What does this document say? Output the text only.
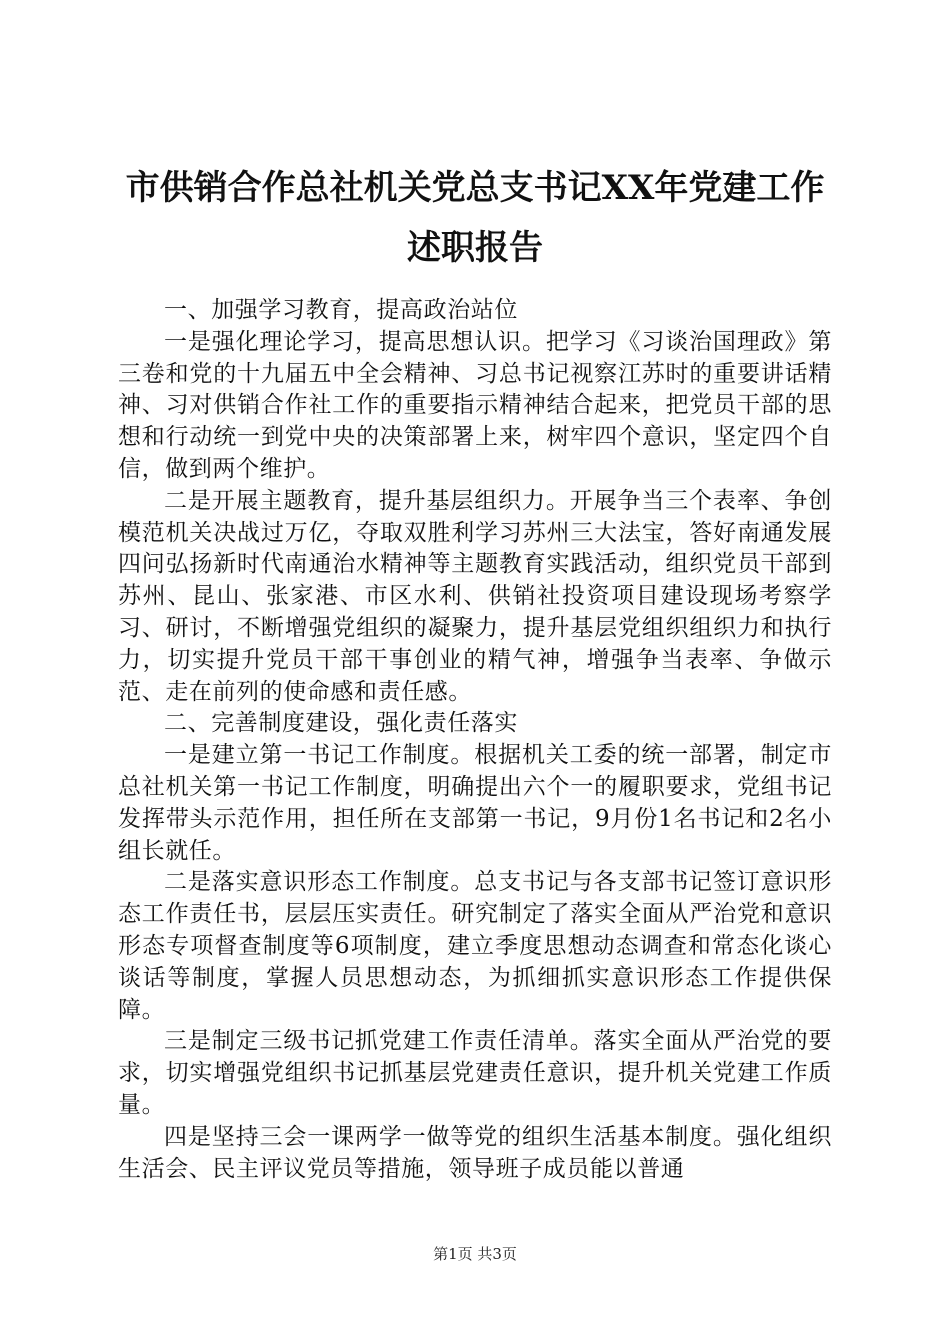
市供销合作总社机关党总支书记XX年党建工作述职报告

一、加强学习教育，提高政治站位

一是强化理论学习，提高思想认识。把学习《习谈治国理政》第三卷和党的十九届五中全会精神、习总书记视察江苏时的重要讲话精神、习对供销合作社工作的重要指示精神结合起来，把党员干部的思想和行动统一到党中央的决策部署上来，树牢四个意识，坚定四个自信，做到两个维护。

二是开展主题教育，提升基层组织力。开展争当三个表率、争创模范机关决战过万亿，夺取双胜利学习苏州三大法宝，答好南通发展四问弘扬新时代南通治水精神等主题教育实践活动，组织党员干部到苏州、昆山、张家港、市区水利、供销社投资项目建设现场考察学习、研讨，不断增强党组织的凝聚力，提升基层党组织组织力和执行力，切实提升党员干部干事创业的精气神，增强争当表率、争做示范、走在前列的使命感和责任感。

二、完善制度建设，强化责任落实

一是建立第一书记工作制度。根据机关工委的统一部署，制定市总社机关第一书记工作制度，明确提出六个一的履职要求，党组书记发挥带头示范作用，担任所在支部第一书记，9月份1名书记和2名小组长就任。

二是落实意识形态工作制度。总支书记与各支部书记签订意识形态工作责任书，层层压实责任。研究制定了落实全面从严治党和意识形态专项督查制度等6项制度，建立季度思想动态调查和常态化谈心谈话等制度，掌握人员思想动态，为抓细抓实意识形态工作提供保障。

三是制定三级书记抓党建工作责任清单。落实全面从严治党的要求，切实增强党组织书记抓基层党建责任意识，提升机关党建工作质量。

四是坚持三会一课两学一做等党的组织生活基本制度。强化组织生活会、民主评议党员等措施，领导班子成员能以普通

第1页 共3页
